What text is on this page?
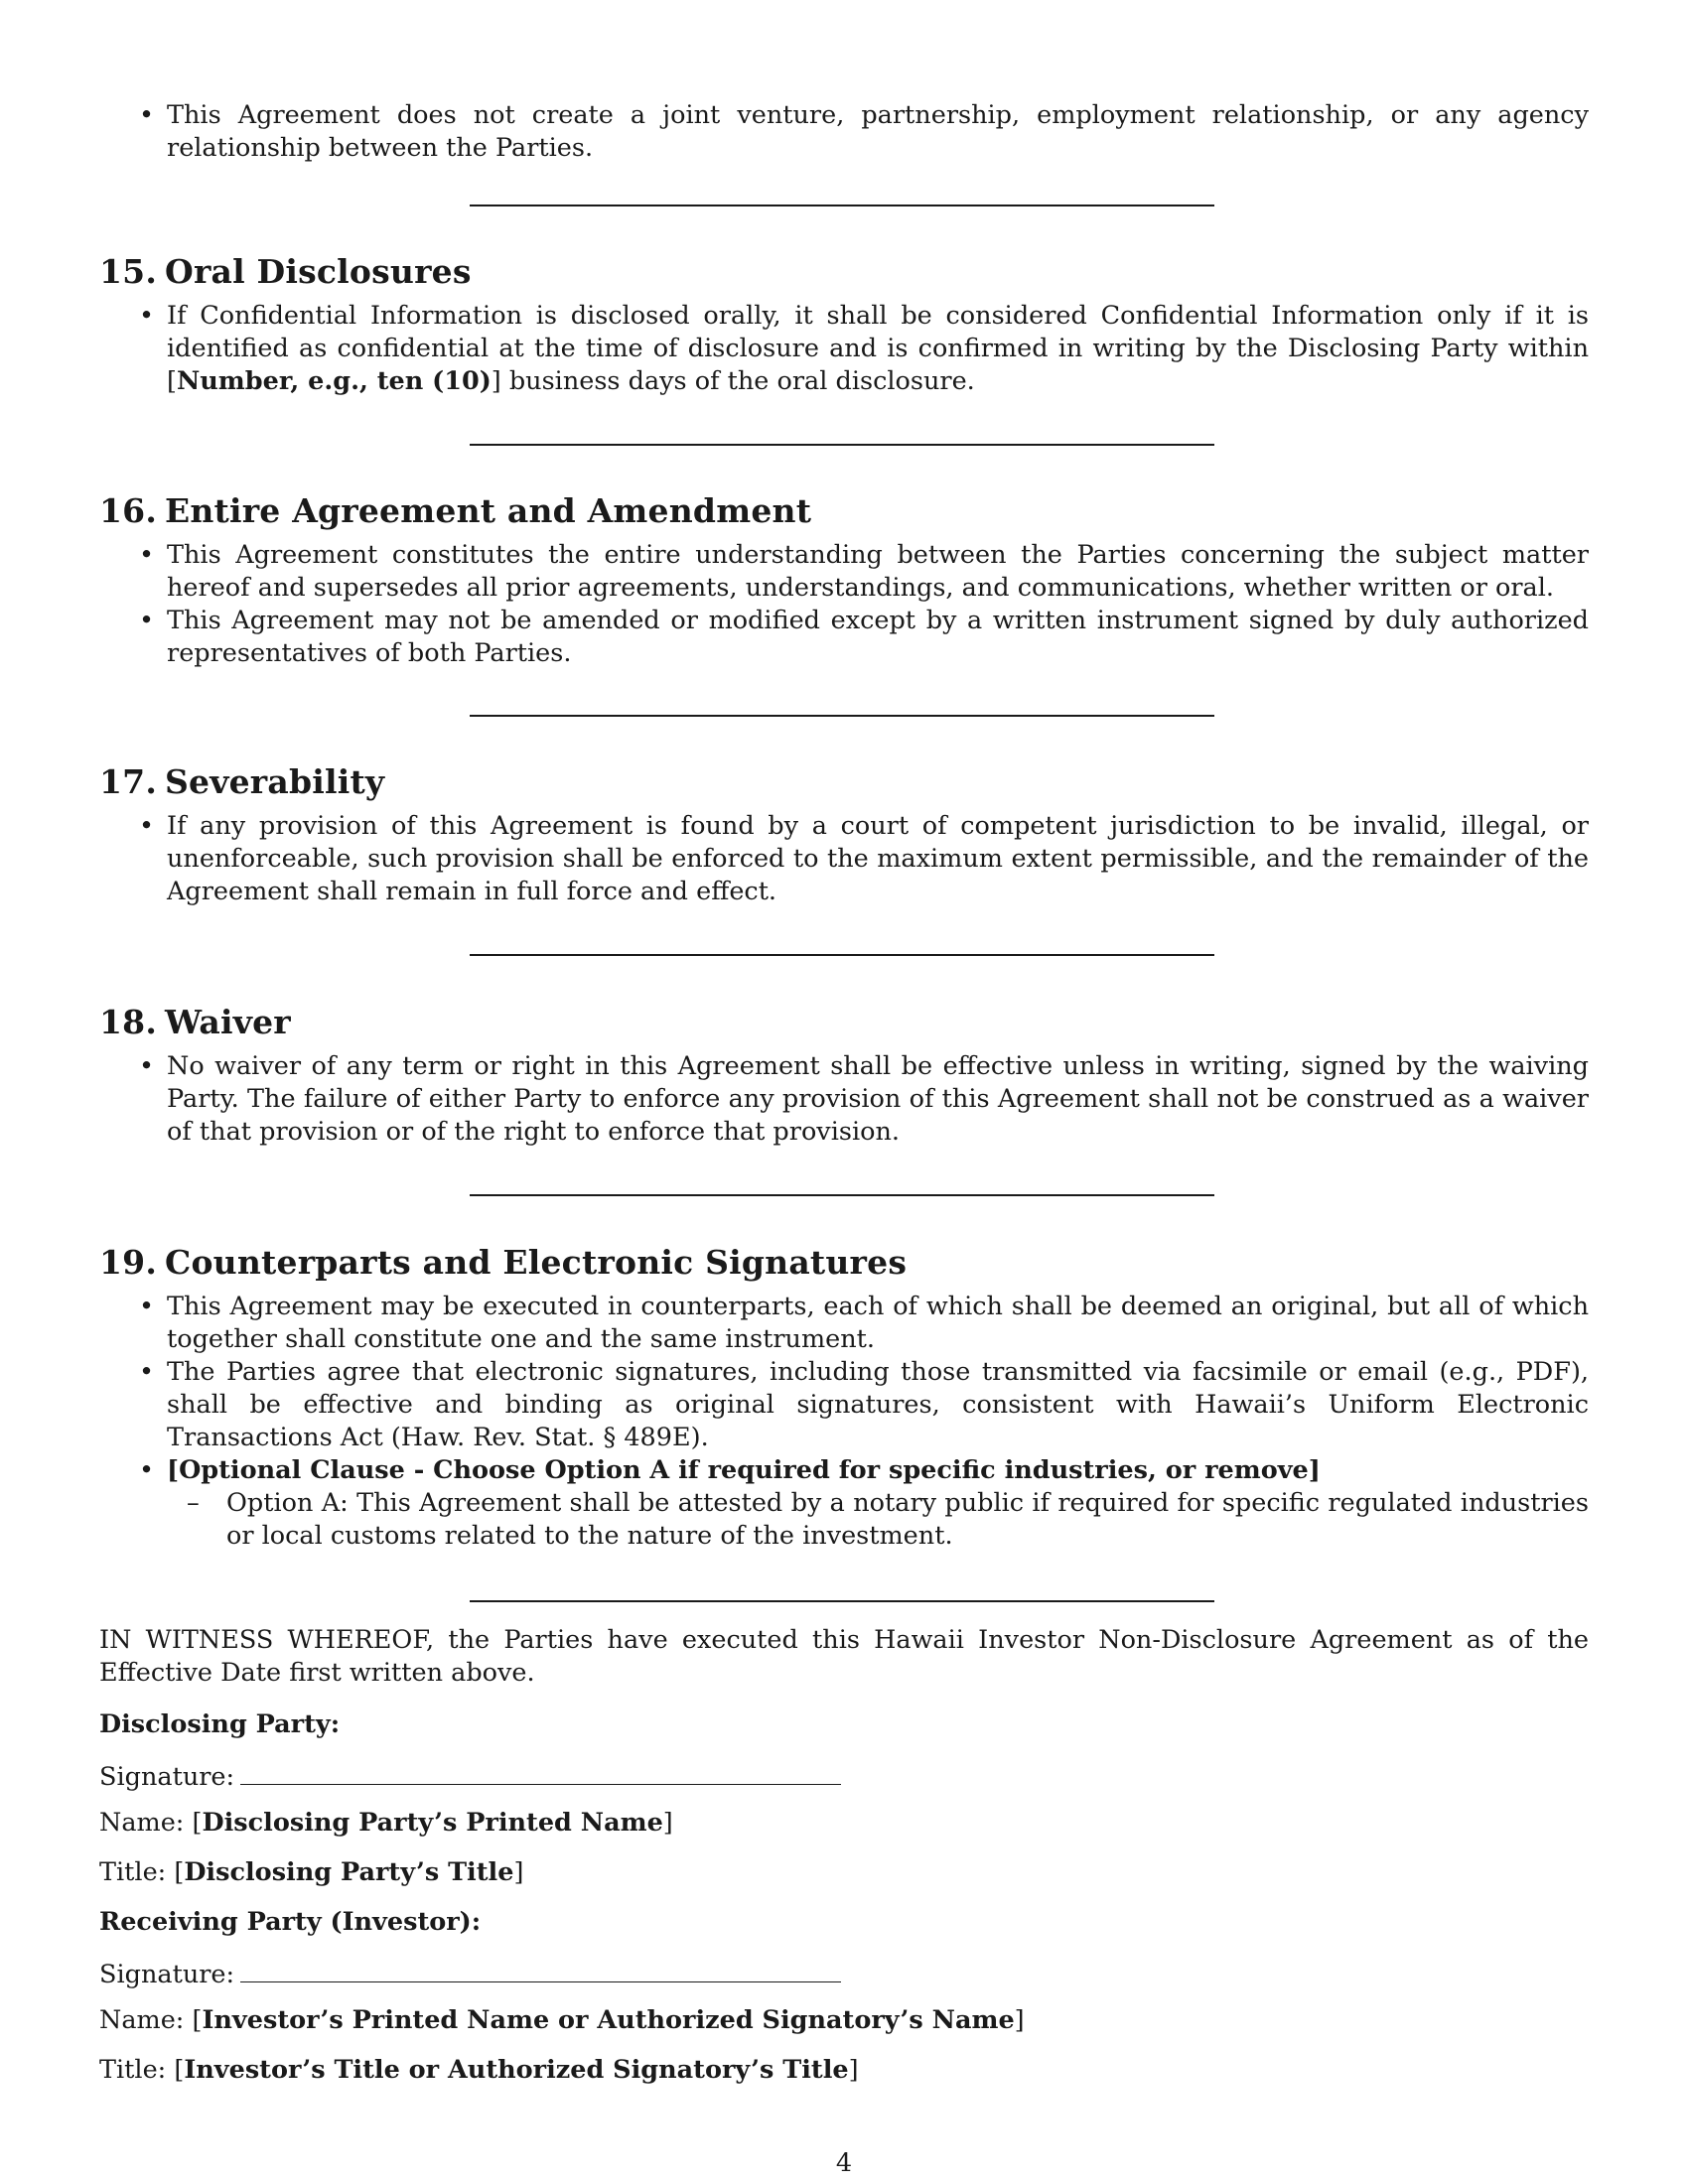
• This Agreement does not create a joint venture, partnership, employment relationship, or any agency relationship between the Parties.
15. Oral Disclosures
• If Confidential Information is disclosed orally, it shall be considered Confidential Information only if it is identified as confidential at the time of disclosure and is confirmed in writing by the Disclosing Party within [Number, e.g., ten (10)] business days of the oral disclosure.
16. Entire Agreement and Amendment
• This Agreement constitutes the entire understanding between the Parties concerning the subject matter hereof and supersedes all prior agreements, understandings, and communications, whether written or oral.
• This Agreement may not be amended or modified except by a written instrument signed by duly authorized representatives of both Parties.
17. Severability
• If any provision of this Agreement is found by a court of competent jurisdiction to be invalid, illegal, or unenforceable, such provision shall be enforced to the maximum extent permissible, and the remainder of the Agreement shall remain in full force and effect.
18. Waiver
• No waiver of any term or right in this Agreement shall be effective unless in writing, signed by the waiving Party. The failure of either Party to enforce any provision of this Agreement shall not be construed as a waiver of that provision or of the right to enforce that provision.
19. Counterparts and Electronic Signatures
• This Agreement may be executed in counterparts, each of which shall be deemed an original, but all of which together shall constitute one and the same instrument.
• The Parties agree that electronic signatures, including those transmitted via facsimile or email (e.g., PDF), shall be effective and binding as original signatures, consistent with Hawaii’s Uniform Electronic Transactions Act (Haw. Rev. Stat. § 489E).
• [Optional Clause - Choose Option A if required for specific industries, or remove]
– Option A: This Agreement shall be attested by a notary public if required for specific regulated industries or local customs related to the nature of the investment.

IN WITNESS WHEREOF, the Parties have executed this Hawaii Investor Non-Disclosure Agreement as of the Effective Date first written above.

Disclosing Party:
Signature:
Name: [Disclosing Party’s Printed Name]
Title: [Disclosing Party’s Title]
Receiving Party (Investor):
Signature:
Name: [Investor’s Printed Name or Authorized Signatory’s Name]
Title: [Investor’s Title or Authorized Signatory’s Title]
4
